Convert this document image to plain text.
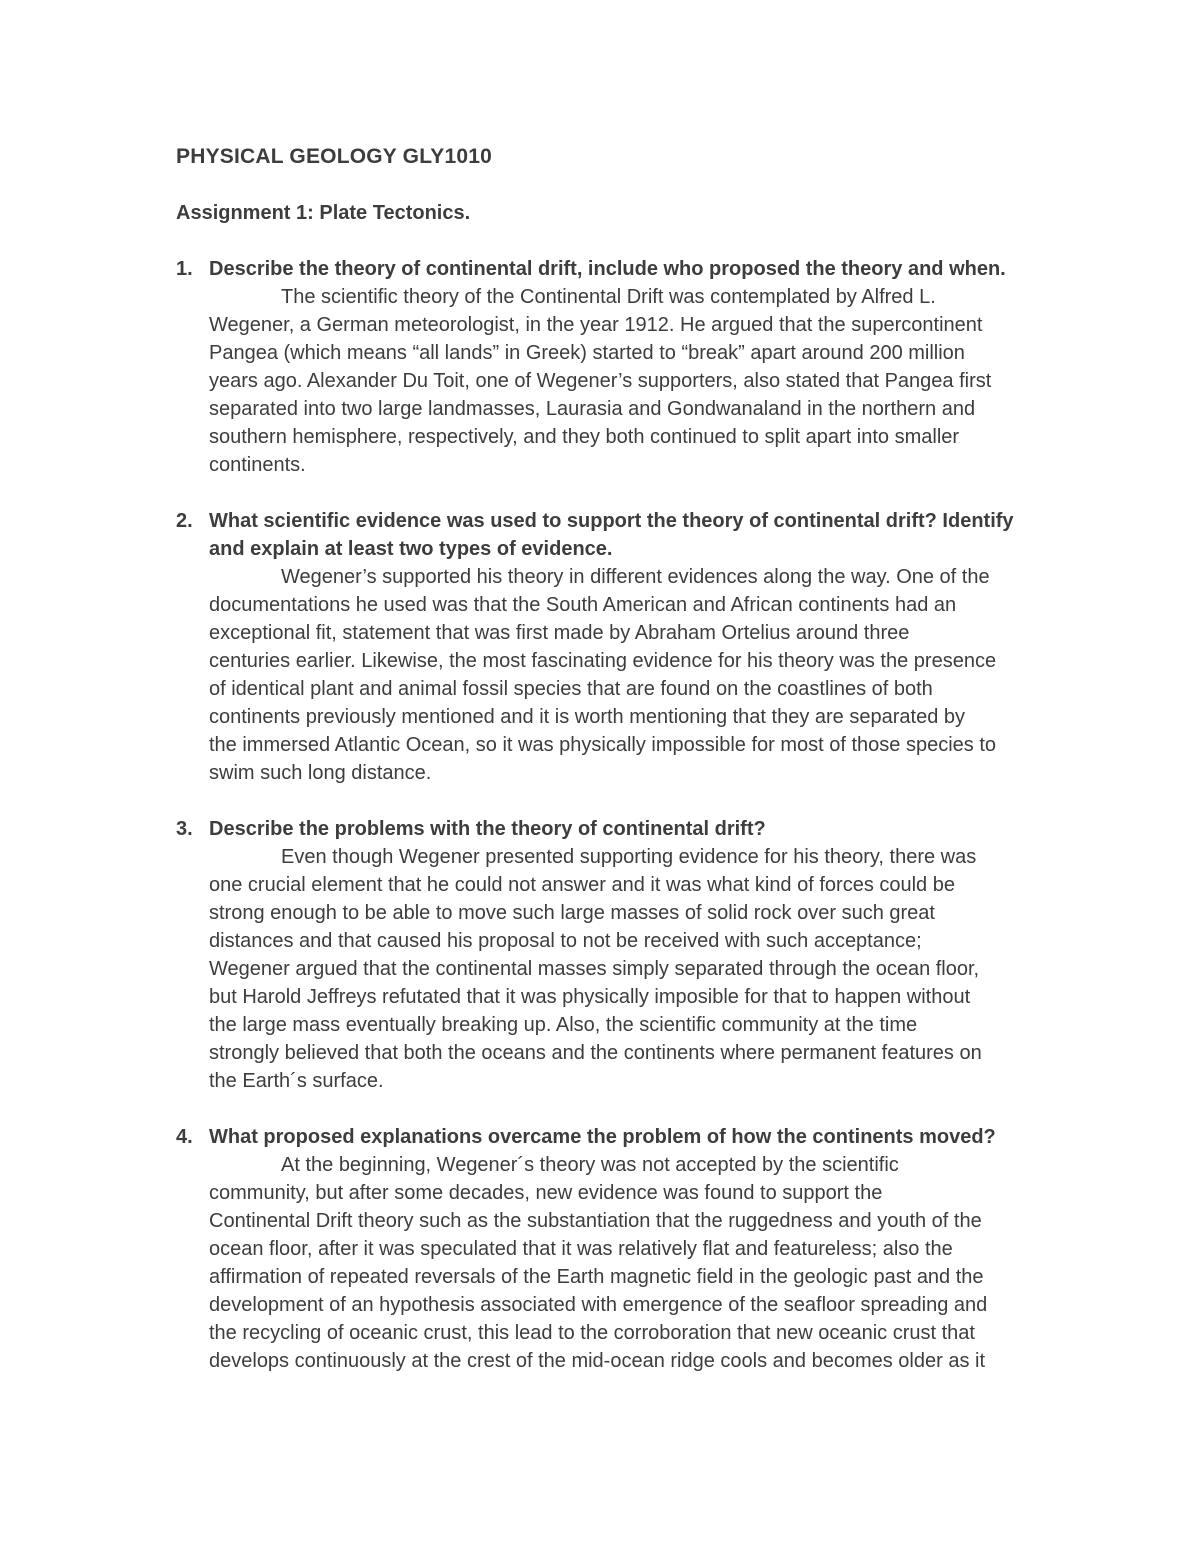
PHYSICAL GEOLOGY GLY1010
Assignment 1: Plate Tectonics.
1. Describe the theory of continental drift, include who proposed the theory and when.
The scientific theory of the Continental Drift was contemplated by Alfred L.
Wegener, a German meteorologist, in the year 1912. He argued that the supercontinent
Pangea (which means “all lands” in Greek) started to “break” apart around 200 million
years ago. Alexander Du Toit, one of Wegener’s supporters, also stated that Pangea first
separated into two large landmasses, Laurasia and Gondwanaland in the northern and
southern hemisphere, respectively, and they both continued to split apart into smaller
continents.
2. What scientific evidence was used to support the theory of continental drift? Identify
and explain at least two types of evidence.
Wegener’s supported his theory in different evidences along the way. One of the
documentations he used was that the South American and African continents had an
exceptional fit, statement that was first made by Abraham Ortelius around three
centuries earlier. Likewise, the most fascinating evidence for his theory was the presence
of identical plant and animal fossil species that are found on the coastlines of both
continents previously mentioned and it is worth mentioning that they are separated by
the immersed Atlantic Ocean, so it was physically impossible for most of those species to
swim such long distance.
3. Describe the problems with the theory of continental drift?
Even though Wegener presented supporting evidence for his theory, there was
one crucial element that he could not answer and it was what kind of forces could be
strong enough to be able to move such large masses of solid rock over such great
distances and that caused his proposal to not be received with such acceptance;
Wegener argued that the continental masses simply separated through the ocean floor,
but Harold Jeffreys refutated that it was physically imposible for that to happen without
the large mass eventually breaking up. Also, the scientific community at the time
strongly believed that both the oceans and the continents where permanent features on
the Earth´s surface.
4. What proposed explanations overcame the problem of how the continents moved?
At the beginning, Wegener´s theory was not accepted by the scientific
community, but after some decades, new evidence was found to support the
Continental Drift theory such as the substantiation that the ruggedness and youth of the
ocean floor, after it was speculated that it was relatively flat and featureless; also the
affirmation of repeated reversals of the Earth magnetic field in the geologic past and the
development of an hypothesis associated with emergence of the seafloor spreading and
the recycling of oceanic crust, this lead to the corroboration that new oceanic crust that
develops continuously at the crest of the mid-ocean ridge cools and becomes older as it
